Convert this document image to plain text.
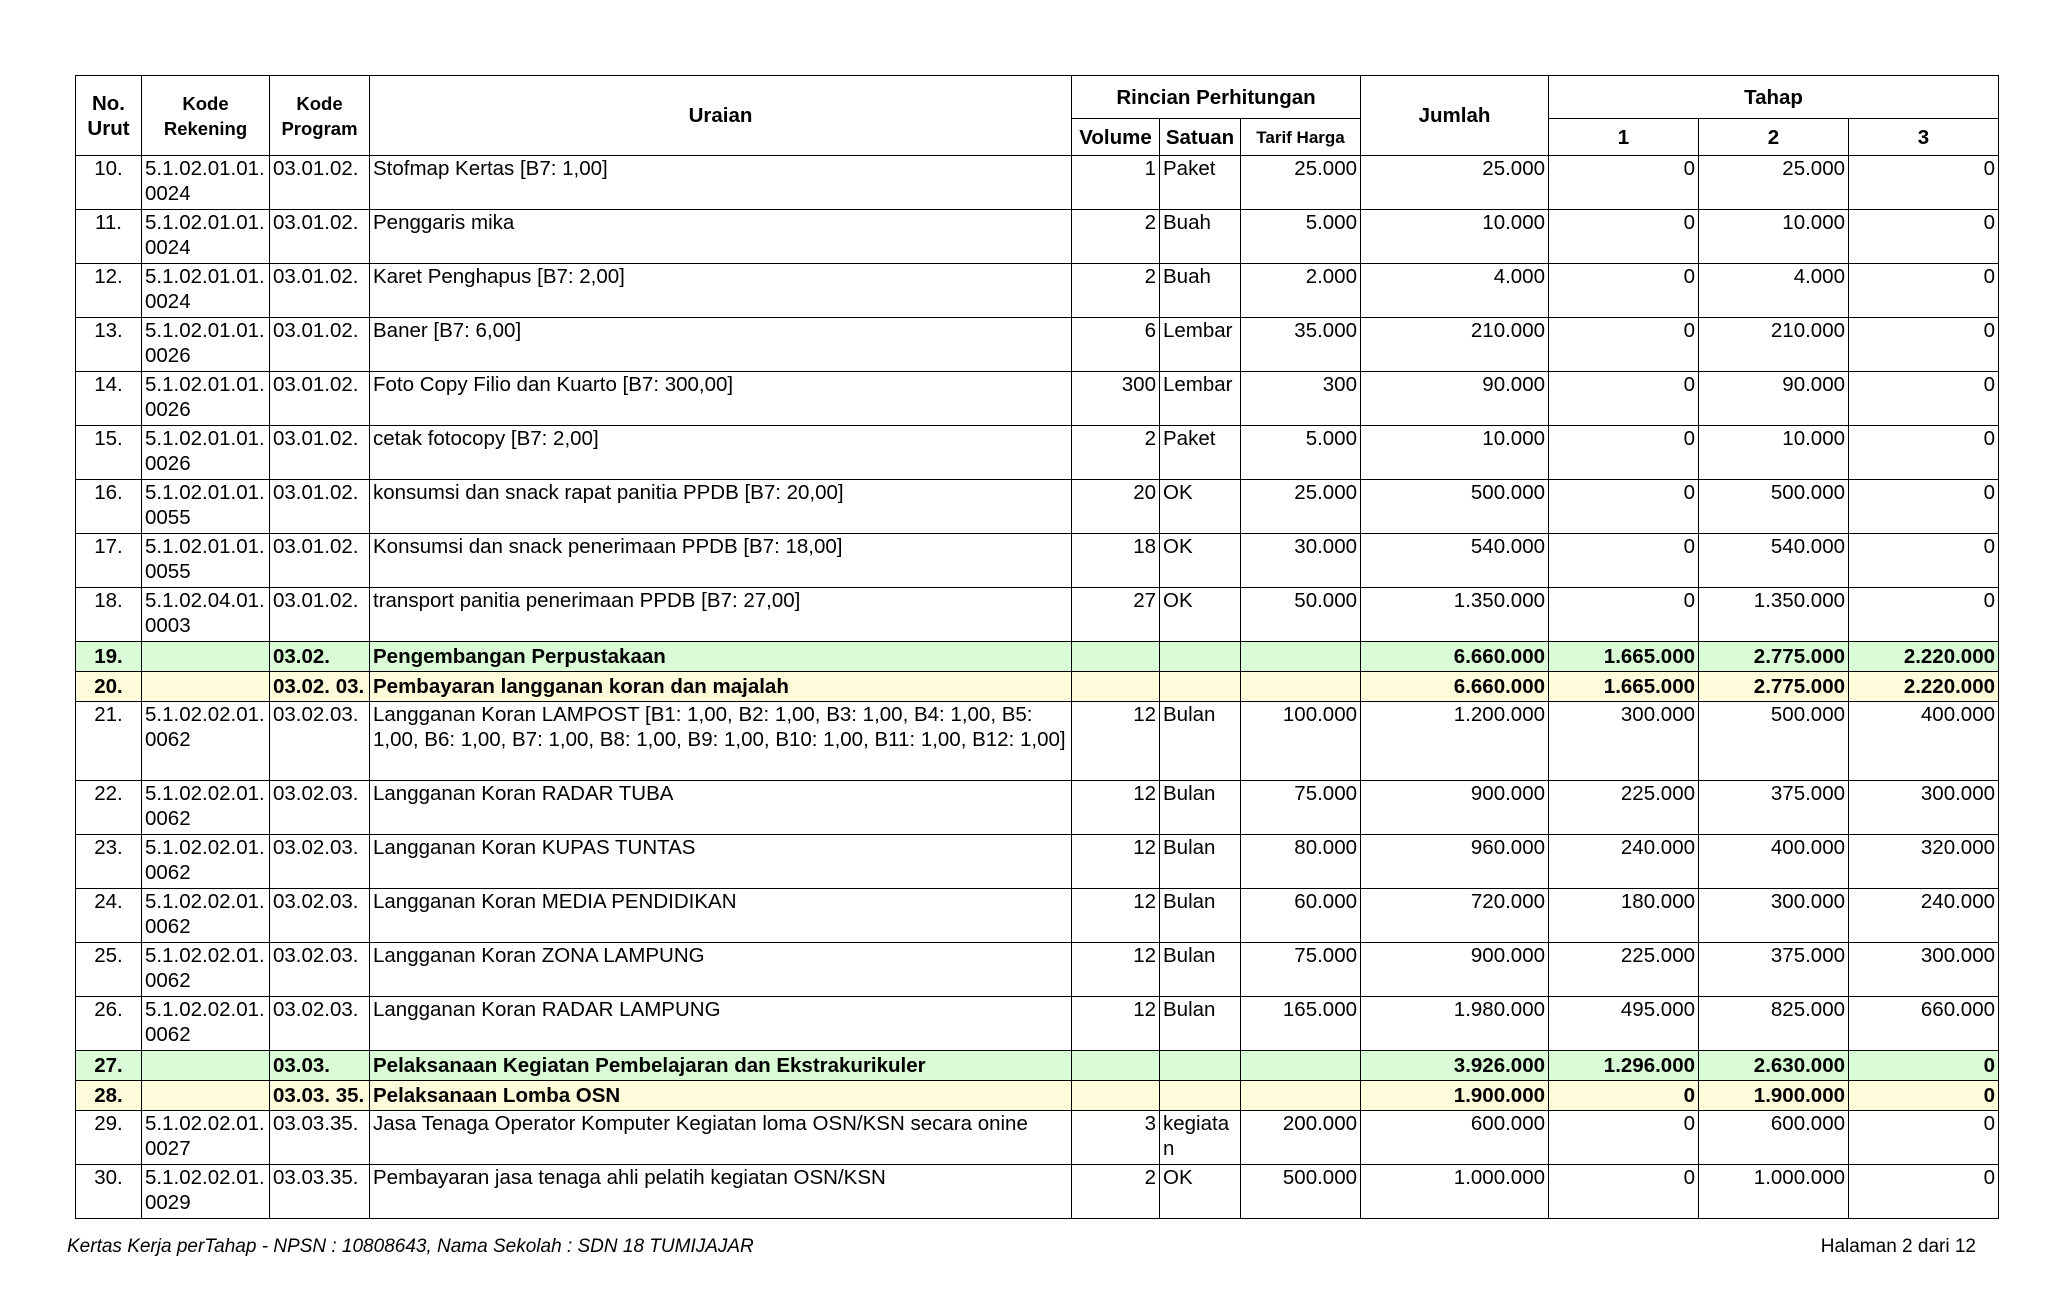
No. Urut	Kode Rekening	Kode Program	Uraian	Rincian Perhitungan			Jumlah	Tahap		
				Volume	Satuan	Tarif Harga		1	2	3
10.	5.1.02.01.01.0024	03.01.02.	Stofmap Kertas [B7: 1,00]	1	Paket	25.000	25.000	0	25.000	0
11.	5.1.02.01.01.0024	03.01.02.	Penggaris mika	2	Buah	5.000	10.000	0	10.000	0
12.	5.1.02.01.01.0024	03.01.02.	Karet Penghapus [B7: 2,00]	2	Buah	2.000	4.000	0	4.000	0
13.	5.1.02.01.01.0026	03.01.02.	Baner [B7: 6,00]	6	Lembar	35.000	210.000	0	210.000	0
14.	5.1.02.01.01.0026	03.01.02.	Foto Copy Filio dan Kuarto [B7: 300,00]	300	Lembar	300	90.000	0	90.000	0
15.	5.1.02.01.01.0026	03.01.02.	cetak fotocopy [B7: 2,00]	2	Paket	5.000	10.000	0	10.000	0
16.	5.1.02.01.01.0055	03.01.02.	konsumsi dan snack rapat panitia PPDB [B7: 20,00]	20	OK	25.000	500.000	0	500.000	0
17.	5.1.02.01.01.0055	03.01.02.	Konsumsi dan snack penerimaan PPDB [B7: 18,00]	18	OK	30.000	540.000	0	540.000	0
18.	5.1.02.04.01.0003	03.01.02.	transport panitia penerimaan PPDB [B7: 27,00]	27	OK	50.000	1.350.000	0	1.350.000	0
19.		03.02.	Pengembangan Perpustakaan				6.660.000	1.665.000	2.775.000	2.220.000
20.		03.02. 03.	Pembayaran langganan koran dan majalah				6.660.000	1.665.000	2.775.000	2.220.000
21.	5.1.02.02.01.0062	03.02.03.	Langganan Koran LAMPOST [B1: 1,00, B2: 1,00, B3: 1,00, B4: 1,00, B5: 1,00, B6: 1,00, B7: 1,00, B8: 1,00, B9: 1,00, B10: 1,00, B11: 1,00, B12: 1,00]	12	Bulan	100.000	1.200.000	300.000	500.000	400.000
22.	5.1.02.02.01.0062	03.02.03.	Langganan Koran RADAR TUBA	12	Bulan	75.000	900.000	225.000	375.000	300.000
23.	5.1.02.02.01.0062	03.02.03.	Langganan Koran KUPAS TUNTAS	12	Bulan	80.000	960.000	240.000	400.000	320.000
24.	5.1.02.02.01.0062	03.02.03.	Langganan Koran MEDIA PENDIDIKAN	12	Bulan	60.000	720.000	180.000	300.000	240.000
25.	5.1.02.02.01.0062	03.02.03.	Langganan Koran ZONA LAMPUNG	12	Bulan	75.000	900.000	225.000	375.000	300.000
26.	5.1.02.02.01.0062	03.02.03.	Langganan Koran RADAR LAMPUNG	12	Bulan	165.000	1.980.000	495.000	825.000	660.000
27.		03.03.	Pelaksanaan Kegiatan Pembelajaran dan Ekstrakurikuler				3.926.000	1.296.000	2.630.000	0
28.		03.03. 35.	Pelaksanaan Lomba OSN				1.900.000	0	1.900.000	0
29.	5.1.02.02.01.0027	03.03.35.	Jasa Tenaga Operator Komputer Kegiatan loma OSN/KSN secara onine	3	kegiatan	200.000	600.000	0	600.000	0
30.	5.1.02.02.01.0029	03.03.35.	Pembayaran jasa tenaga ahli pelatih kegiatan OSN/KSN	2	OK	500.000	1.000.000	0	1.000.000	0
Kertas Kerja perTahap - NPSN : 10808643, Nama Sekolah : SDN 18 TUMIJAJAR	Halaman 2 dari 12
